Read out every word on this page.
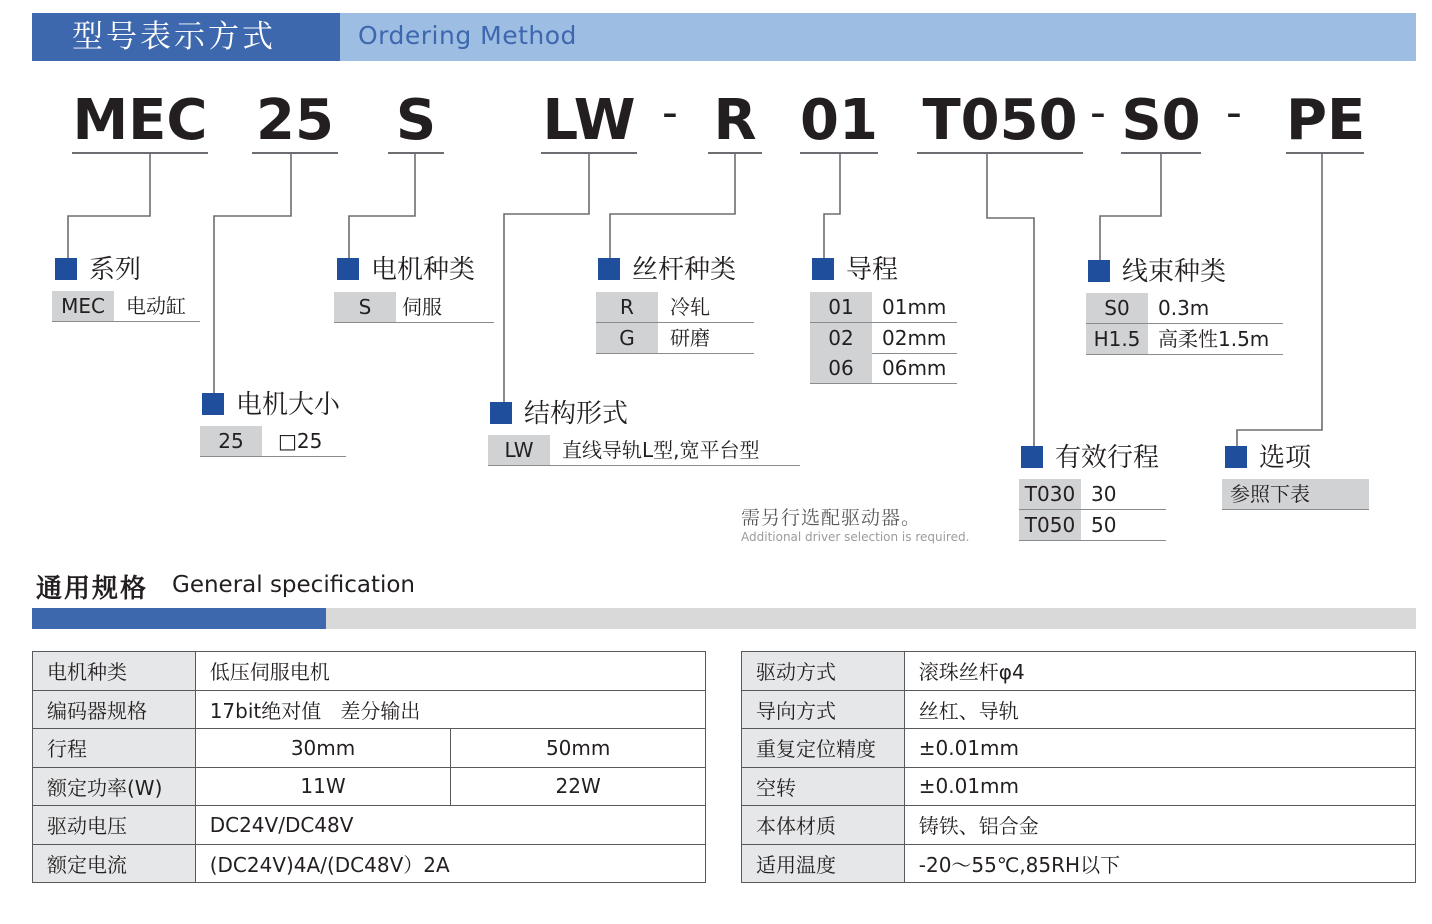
型号表示方式	Ordering Method
MEC 25 S LW - R 01 T050 - S0 - PE
系列
MEC	电动缸
电机大小
25	□25
电机种类
S	伺服
结构形式
LW	直线导轨L型,宽平台型
丝杆种类
R	冷轧
G	研磨
导程
01	01mm
02	02mm
06	06mm
线束种类
S0	0.3m
H1.5 高柔性1.5m
有效行程
T030 30
T050 50
选项
参照下表
需另行选配驱动器。
Additional driver selection is required.
通用规格 General specification
电机种类	低压伺服电机	
编码器规格	17bit绝对值   差分输出	
行程	30mm	50mm
额定功率(W)	11W	22W
驱动电压	DC24V/DC48V	
额定电流	(DC24V)4A/(DC48V）2A	
驱动方式	滚珠丝杆φ4
导向方式	丝杠、导轨
重复定位精度	±0.01mm
空转	±0.01mm
本体材质	铸铁、铝合金
适用温度	-20～55℃,85RH以下
